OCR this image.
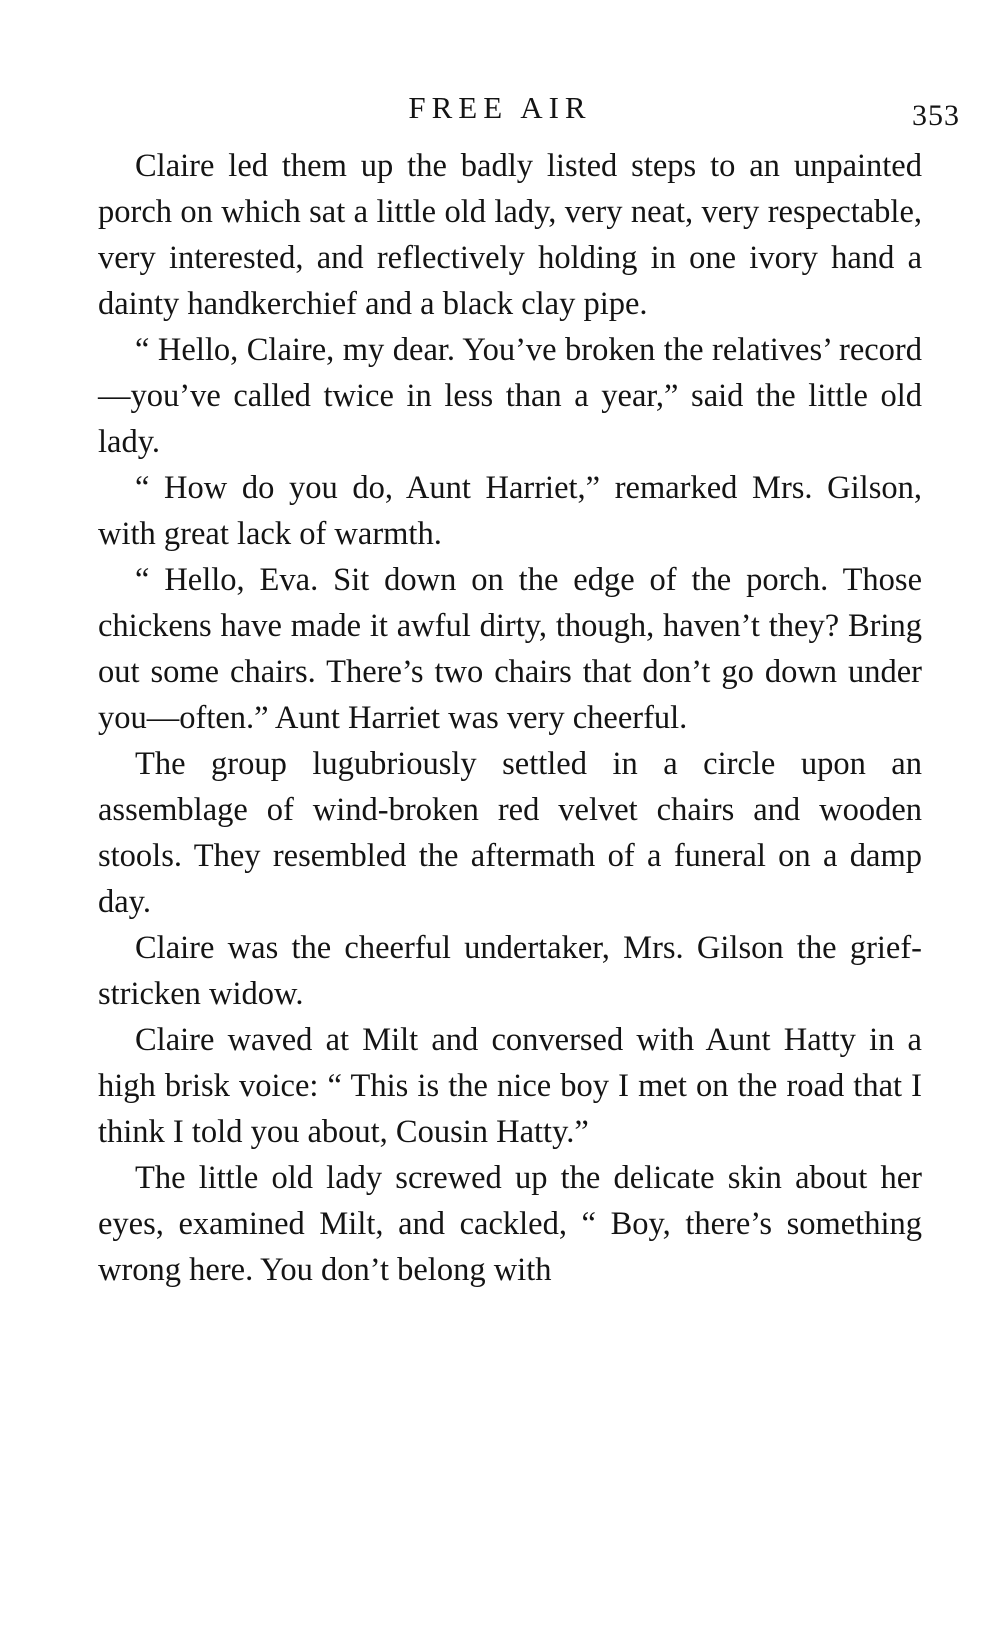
FREE AIR	353

Claire led them up the badly listed steps to an unpainted porch on which sat a little old lady, very neat, very respectable, very interested, and reflectively holding in one ivory hand a dainty handkerchief and a black clay pipe.

“ Hello, Claire, my dear. You’ve broken the relatives’ record—you’ve called twice in less than a year,” said the little old lady.

“ How do you do, Aunt Harriet,” remarked Mrs. Gilson, with great lack of warmth.

“ Hello, Eva. Sit down on the edge of the porch. Those chickens have made it awful dirty, though, haven’t they? Bring out some chairs. There’s two chairs that don’t go down under you—often.” Aunt Harriet was very cheerful.

The group lugubriously settled in a circle upon an assemblage of wind-broken red velvet chairs and wooden stools. They resembled the aftermath of a funeral on a damp day.

Claire was the cheerful undertaker, Mrs. Gilson the grief-stricken widow.

Claire waved at Milt and conversed with Aunt Hatty in a high brisk voice: “ This is the nice boy I met on the road that I think I told you about, Cousin Hatty.”

The little old lady screwed up the delicate skin about her eyes, examined Milt, and cackled, “ Boy, there’s something wrong here. You don’t belong with
